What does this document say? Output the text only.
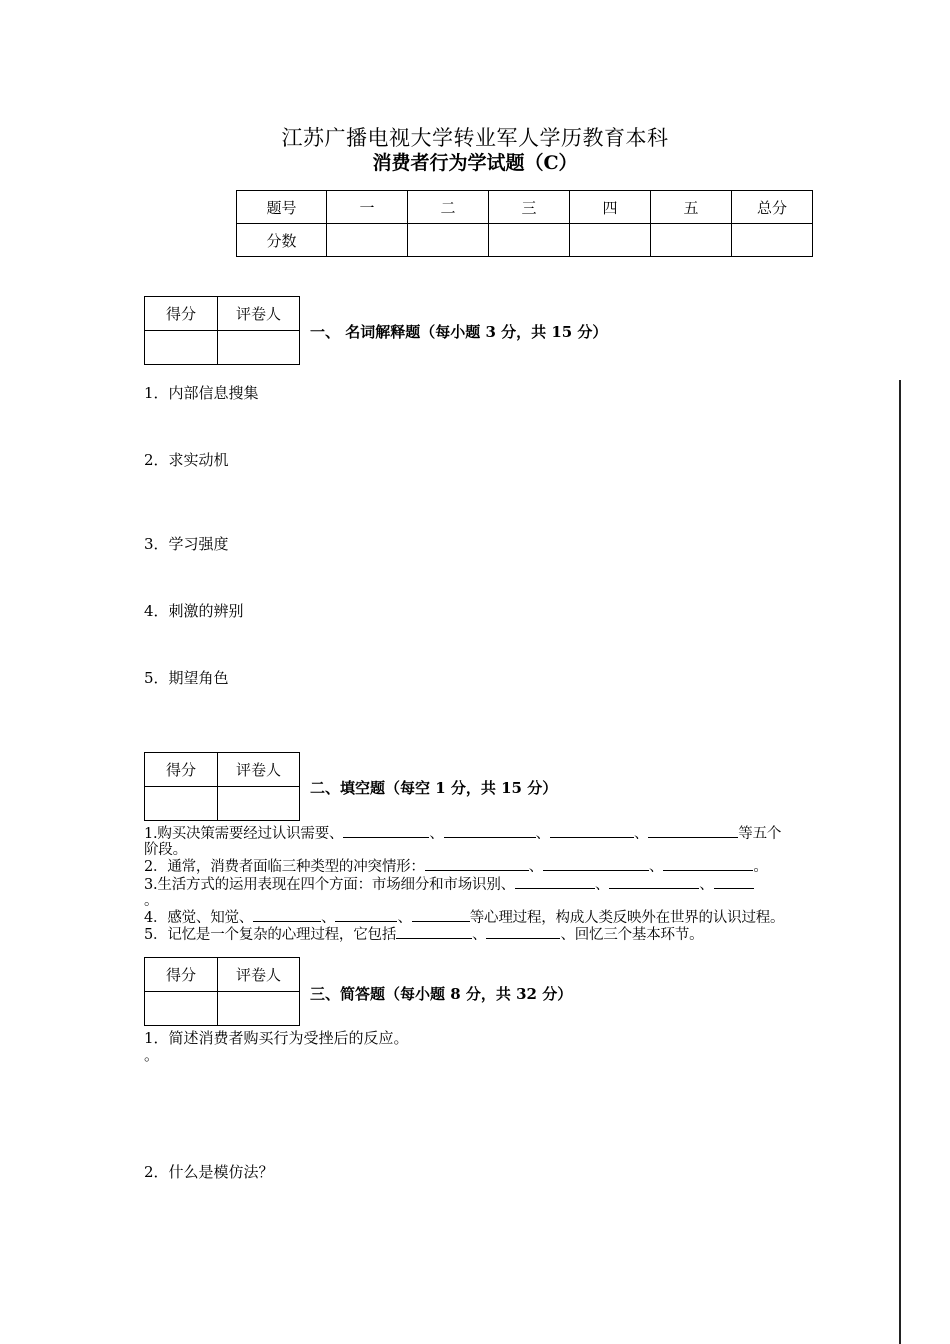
江苏广播电视大学转业军人学历教育本科
消费者行为学试题（C）
题号	一	二	三	四	五	总分
分数						
得分	评卷人

一、 名词解释题（每小题 3 分，共 15 分）
1．内部信息搜集
2．求实动机
3．学习强度
4．刺激的辨别
5．期望角色
得分	评卷人

二、填空题（每空 1 分，共 15 分）
1.购买决策需要经过认识需要、	、	、	、	等五个
阶段。
2．通常，消费者面临三种类型的冲突情形：	、	、	。
3.生活方式的运用表现在四个方面：市场细分和市场识别、	、	、
。
4．感觉、知觉、	、	、	等心理过程，构成人类反映外在世界的认识过程。
5．记忆是一个复杂的心理过程，它包括	、	、回忆三个基本环节。
得分	评卷人

三、简答题（每小题 8 分，共 32 分）
1．简述消费者购买行为受挫后的反应。
。
2．什么是模仿法？
